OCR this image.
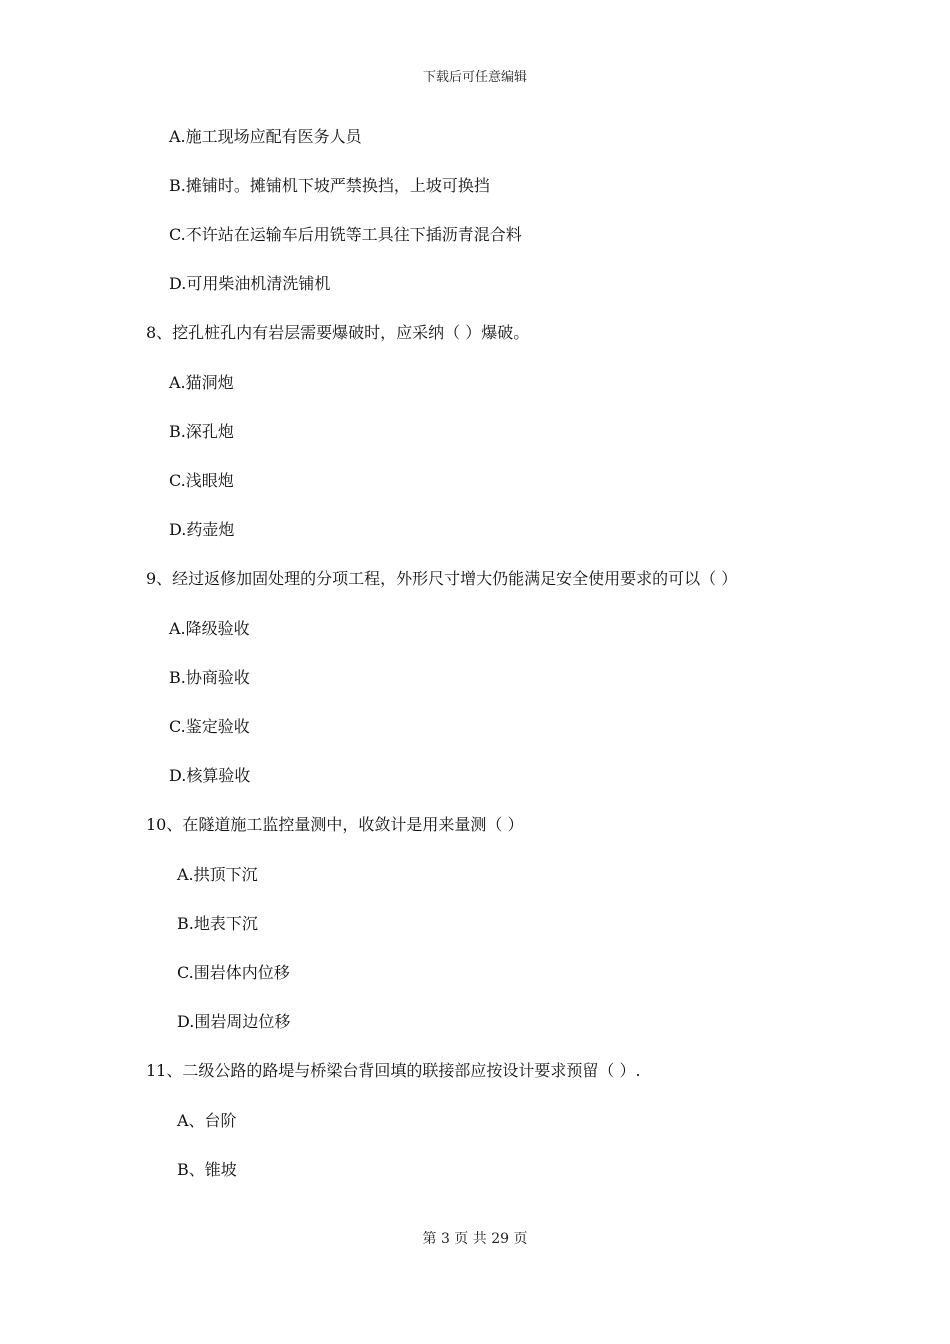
下载后可任意编辑
A.施工现场应配有医务人员
B.摊铺时。摊铺机下坡严禁换挡，上坡可换挡
C.不许站在运输车后用铣等工具往下插沥青混合料
D.可用柴油机清洗铺机
8、挖孔桩孔内有岩层需要爆破时，应采纳（ ）爆破。
A.猫洞炮
B.深孔炮
C.浅眼炮
D.药壶炮
9、经过返修加固处理的分项工程，外形尺寸增大仍能满足安全使用要求的可以（ ）
A.降级验收
B.协商验收
C.鉴定验收
D.核算验收
10、在隧道施工监控量测中，收敛计是用来量测（ ）
A.拱顶下沉
B.地表下沉
C.围岩体内位移
D.围岩周边位移
11、二级公路的路堤与桥梁台背回填的联接部应按设计要求预留（ ）.
A、台阶
B、锥坡
第 3 页 共 29 页
